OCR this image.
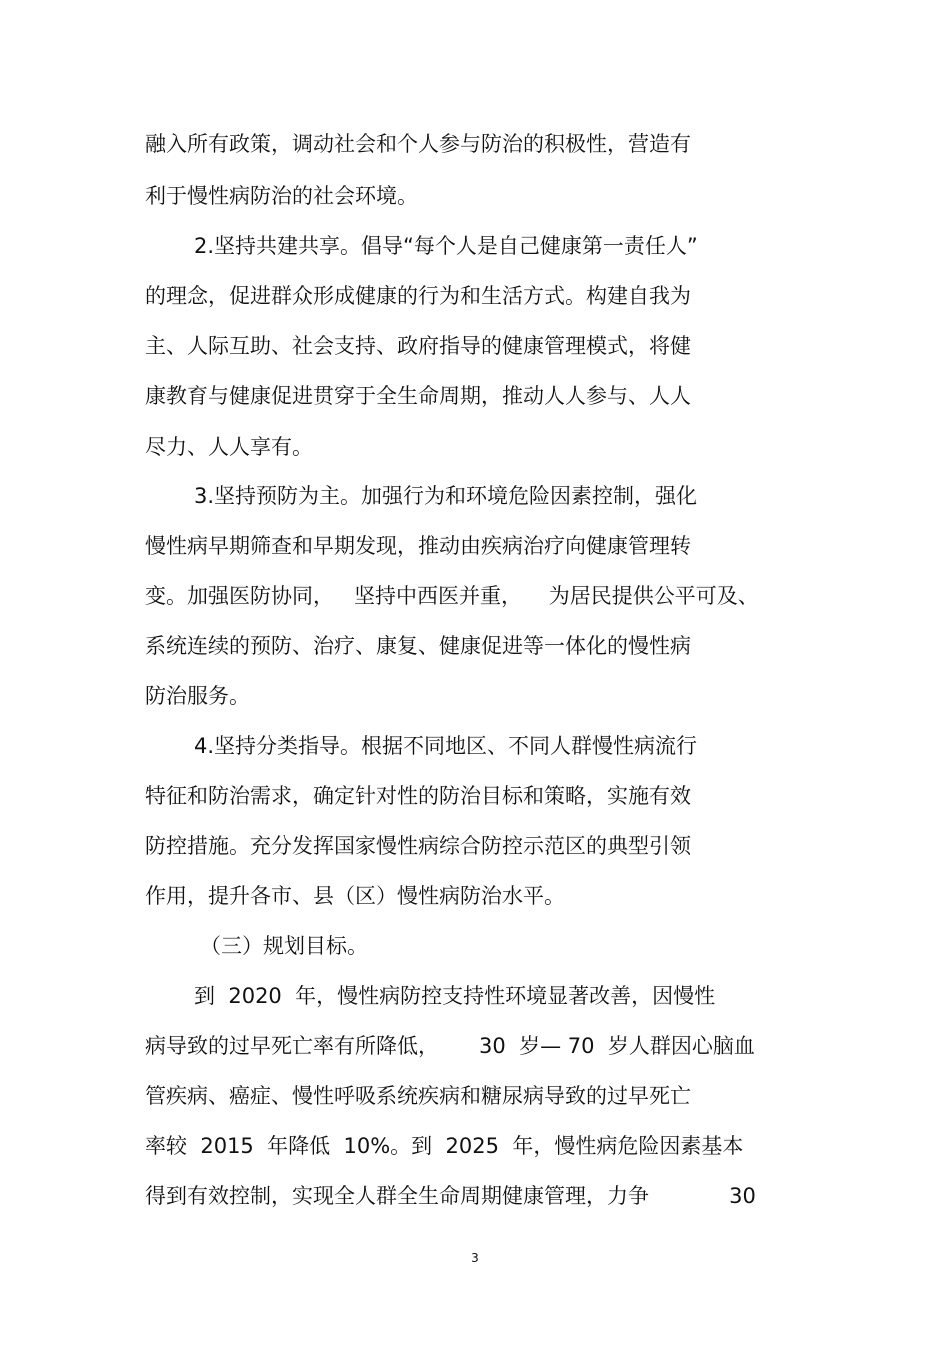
融入所有政策，调动社会和个人参与防治的积极性，营造有
利于慢性病防治的社会环境。
2.坚持共建共享。倡导“每个人是自己健康第一责任人”
的理念，促进群众形成健康的行为和生活方式。构建自我为
主、人际互助、社会支持、政府指导的健康管理模式，将健
康教育与健康促进贯穿于全生命周期，推动人人参与、人人
尽力、人人享有。
3.坚持预防为主。加强行为和环境危险因素控制，强化
慢性病早期筛查和早期发现，推动由疾病治疗向健康管理转
变。加强医防协同，   坚持中西医并重，    为居民提供公平可及、
系统连续的预防、治疗、康复、健康促进等一体化的慢性病
防治服务。
4.坚持分类指导。根据不同地区、不同人群慢性病流行
特征和防治需求，确定针对性的防治目标和策略，实施有效
防控措施。充分发挥国家慢性病综合防控示范区的典型引领
作用，提升各市、县（区）慢性病防治水平。
（三）规划目标。
到  2020  年，慢性病防控支持性环境显著改善，因慢性
病导致的过早死亡率有所降低，      30  岁— 70  岁人群因心脑血
管疾病、癌症、慢性呼吸系统疾病和糖尿病导致的过早死亡
率较  2015  年降低  10%。到  2025  年，慢性病危险因素基本
得到有效控制，实现全人群全生命周期健康管理，力争            30
3
